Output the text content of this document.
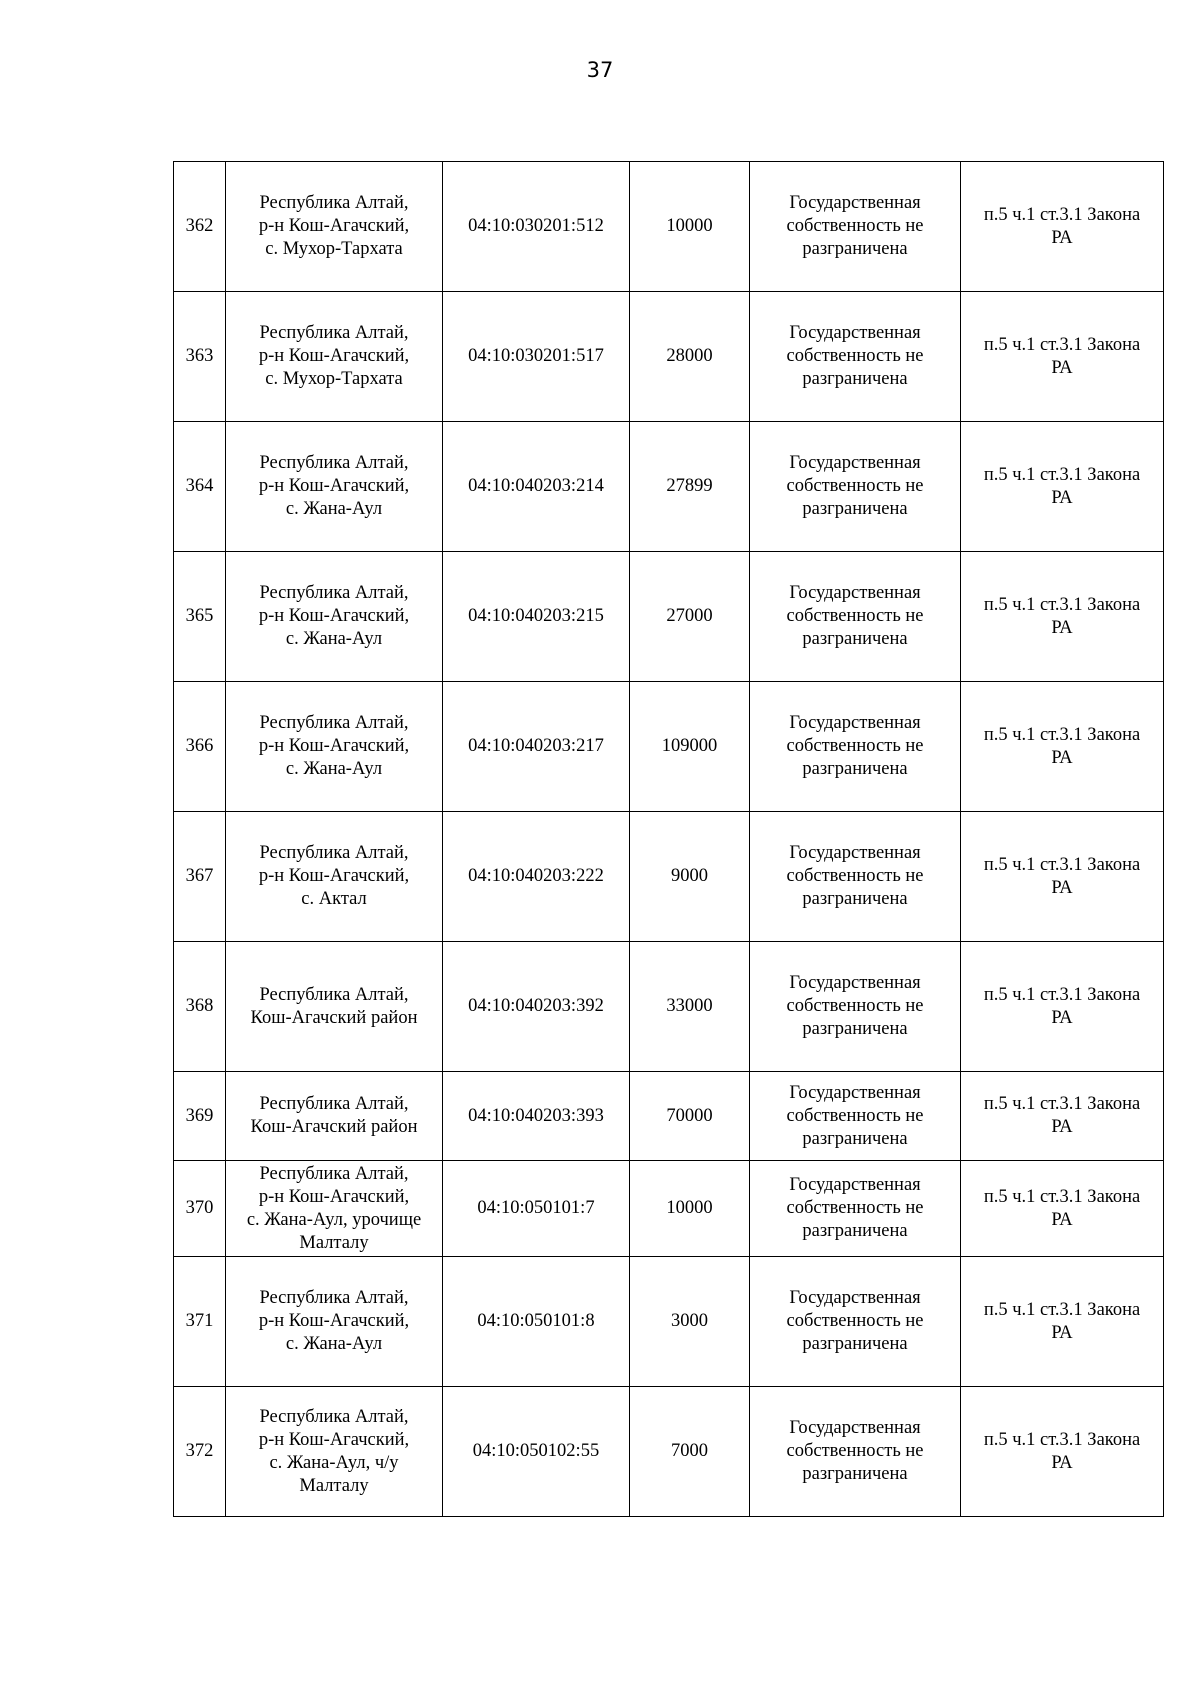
37
362	Республика Алтай,
р-н Кош-Агачский,
с. Мухор-Тархата	04:10:030201:512	10000	Государственная
собственность не
разграничена	п.5 ч.1 ст.3.1 Закона
РА
363	Республика Алтай,
р-н Кош-Агачский,
с. Мухор-Тархата	04:10:030201:517	28000	Государственная
собственность не
разграничена	п.5 ч.1 ст.3.1 Закона
РА
364	Республика Алтай,
р-н Кош-Агачский,
с. Жана-Аул	04:10:040203:214	27899	Государственная
собственность не
разграничена	п.5 ч.1 ст.3.1 Закона
РА
365	Республика Алтай,
р-н Кош-Агачский,
с. Жана-Аул	04:10:040203:215	27000	Государственная
собственность не
разграничена	п.5 ч.1 ст.3.1 Закона
РА
366	Республика Алтай,
р-н Кош-Агачский,
с. Жана-Аул	04:10:040203:217	109000	Государственная
собственность не
разграничена	п.5 ч.1 ст.3.1 Закона
РА
367	Республика Алтай,
р-н Кош-Агачский,
с. Актал	04:10:040203:222	9000	Государственная
собственность не
разграничена	п.5 ч.1 ст.3.1 Закона
РА
368	Республика Алтай,
Кош-Агачский район	04:10:040203:392	33000	Государственная
собственность не
разграничена	п.5 ч.1 ст.3.1 Закона
РА
369	Республика Алтай,
Кош-Агачский район	04:10:040203:393	70000	Государственная
собственность не
разграничена	п.5 ч.1 ст.3.1 Закона
РА
370	Республика Алтай,
р-н Кош-Агачский,
с. Жана-Аул, урочище
Малталу	04:10:050101:7	10000	Государственная
собственность не
разграничена	п.5 ч.1 ст.3.1 Закона
РА
371	Республика Алтай,
р-н Кош-Агачский,
с. Жана-Аул	04:10:050101:8	3000	Государственная
собственность не
разграничена	п.5 ч.1 ст.3.1 Закона
РА
372	Республика Алтай,
р-н Кош-Агачский,
с. Жана-Аул, ч/у
Малталу	04:10:050102:55	7000	Государственная
собственность не
разграничена	п.5 ч.1 ст.3.1 Закона
РА
